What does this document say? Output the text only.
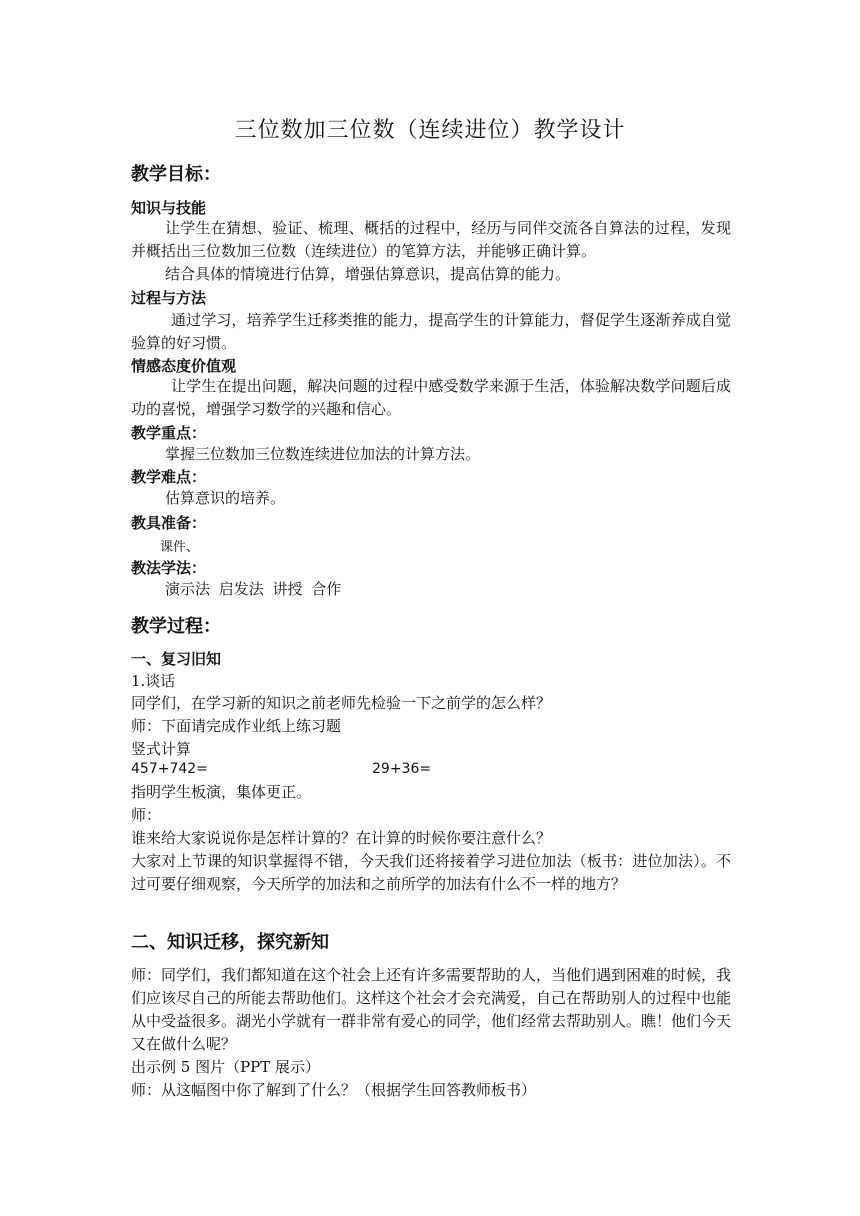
三位数加三位数（连续进位）教学设计
教学目标：
知识与技能
让学生在猜想、验证、梳理、概括的过程中，经历与同伴交流各自算法的过程，发现并概括出三位数加三位数（连续进位）的笔算方法，并能够正确计算。
结合具体的情境进行估算，增强估算意识，提高估算的能力。
过程与方法
通过学习，培养学生迁移类推的能力，提高学生的计算能力，督促学生逐渐养成自觉验算的好习惯。
情感态度价值观
让学生在提出问题，解决问题的过程中感受数学来源于生活，体验解决数学问题后成功的喜悦，增强学习数学的兴趣和信心。
教学重点：
掌握三位数加三位数连续进位加法的计算方法。
教学难点：
估算意识的培养。
教具准备：
课件、
教法学法：
演示法 启发法 讲授 合作
教学过程：
一、复习旧知
1.谈话
同学们，在学习新的知识之前老师先检验一下之前学的怎么样？
师：下面请完成作业纸上练习题
竖式计算
457+742=	29+36=
指明学生板演，集体更正。
师：
谁来给大家说说你是怎样计算的？在计算的时候你要注意什么？
大家对上节课的知识掌握得不错，今天我们还将接着学习进位加法（板书：进位加法）。不过可要仔细观察，今天所学的加法和之前所学的加法有什么不一样的地方？
二、知识迁移，探究新知
师：同学们，我们都知道在这个社会上还有许多需要帮助的人，当他们遇到困难的时候，我们应该尽自己的所能去帮助他们。这样这个社会才会充满爱，自己在帮助别人的过程中也能从中受益很多。湖光小学就有一群非常有爱心的同学，他们经常去帮助别人。瞧！他们今天又在做什么呢？
出示例 5 图片（PPT 展示）
师：从这幅图中你了解到了什么？（根据学生回答教师板书）
